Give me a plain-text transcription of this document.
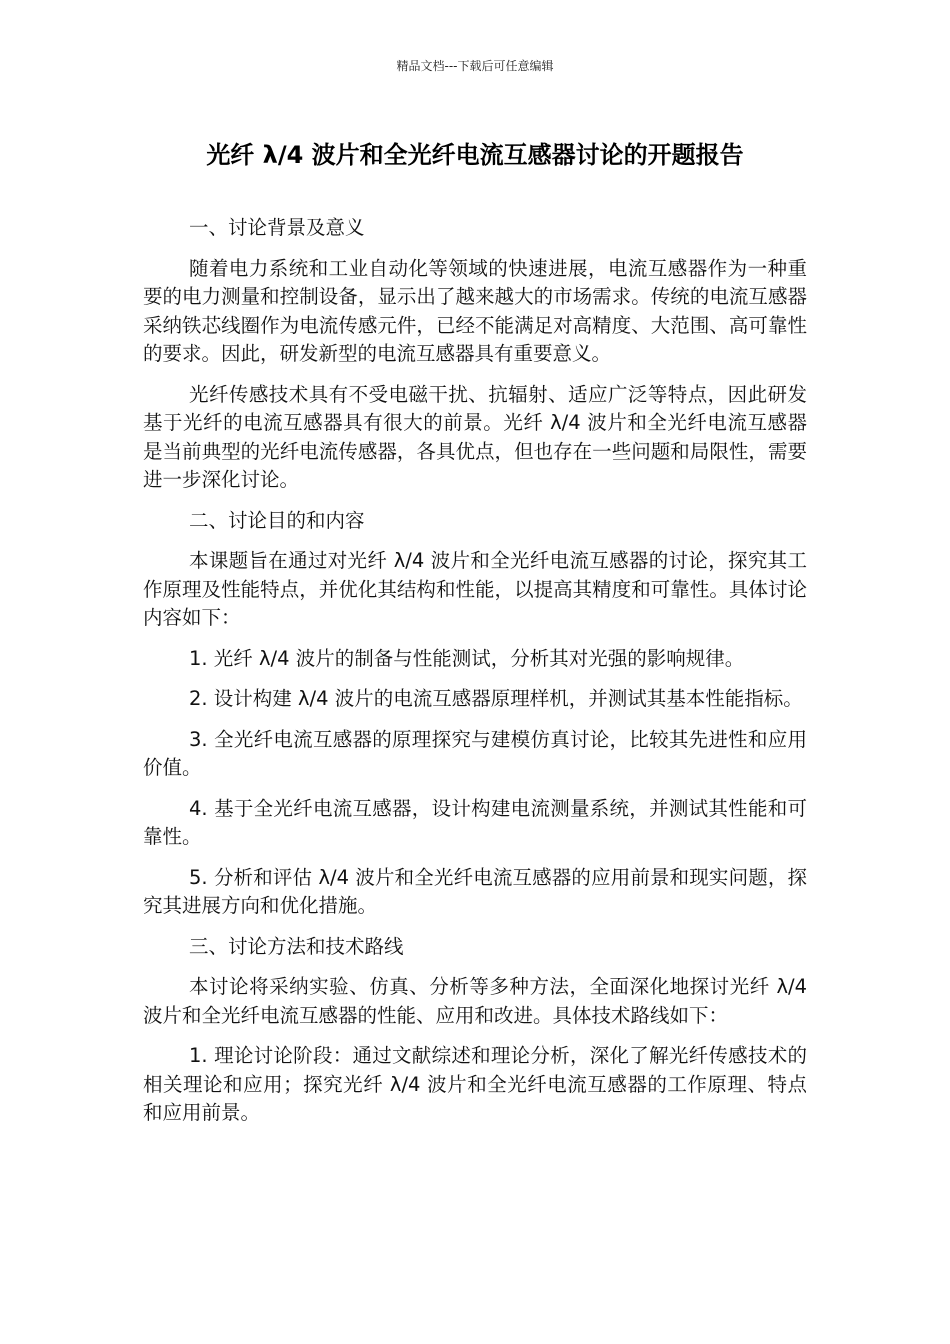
精品文档---下载后可任意编辑
光纤 λ/4 波片和全光纤电流互感器讨论的开题报告

一、讨论背景及意义

随着电力系统和工业自动化等领域的快速进展，电流互感器作为一种重要的电力测量和控制设备，显示出了越来越大的市场需求。传统的电流互感器采纳铁芯线圈作为电流传感元件，已经不能满足对高精度、大范围、高可靠性的要求。因此，研发新型的电流互感器具有重要意义。

光纤传感技术具有不受电磁干扰、抗辐射、适应广泛等特点，因此研发基于光纤的电流互感器具有很大的前景。光纤 λ/4 波片和全光纤电流互感器是当前典型的光纤电流传感器，各具优点，但也存在一些问题和局限性，需要进一步深化讨论。

二、讨论目的和内容

本课题旨在通过对光纤 λ/4 波片和全光纤电流互感器的讨论，探究其工作原理及性能特点，并优化其结构和性能，以提高其精度和可靠性。具体讨论内容如下：

1. 光纤 λ/4 波片的制备与性能测试，分析其对光强的影响规律。

2. 设计构建 λ/4 波片的电流互感器原理样机，并测试其基本性能指标。

3. 全光纤电流互感器的原理探究与建模仿真讨论，比较其先进性和应用价值。

4. 基于全光纤电流互感器，设计构建电流测量系统，并测试其性能和可靠性。

5. 分析和评估 λ/4 波片和全光纤电流互感器的应用前景和现实问题，探究其进展方向和优化措施。

三、讨论方法和技术路线

本讨论将采纳实验、仿真、分析等多种方法，全面深化地探讨光纤 λ/4 波片和全光纤电流互感器的性能、应用和改进。具体技术路线如下：

1. 理论讨论阶段：通过文献综述和理论分析，深化了解光纤传感技术的相关理论和应用；探究光纤 λ/4 波片和全光纤电流互感器的工作原理、特点和应用前景。
